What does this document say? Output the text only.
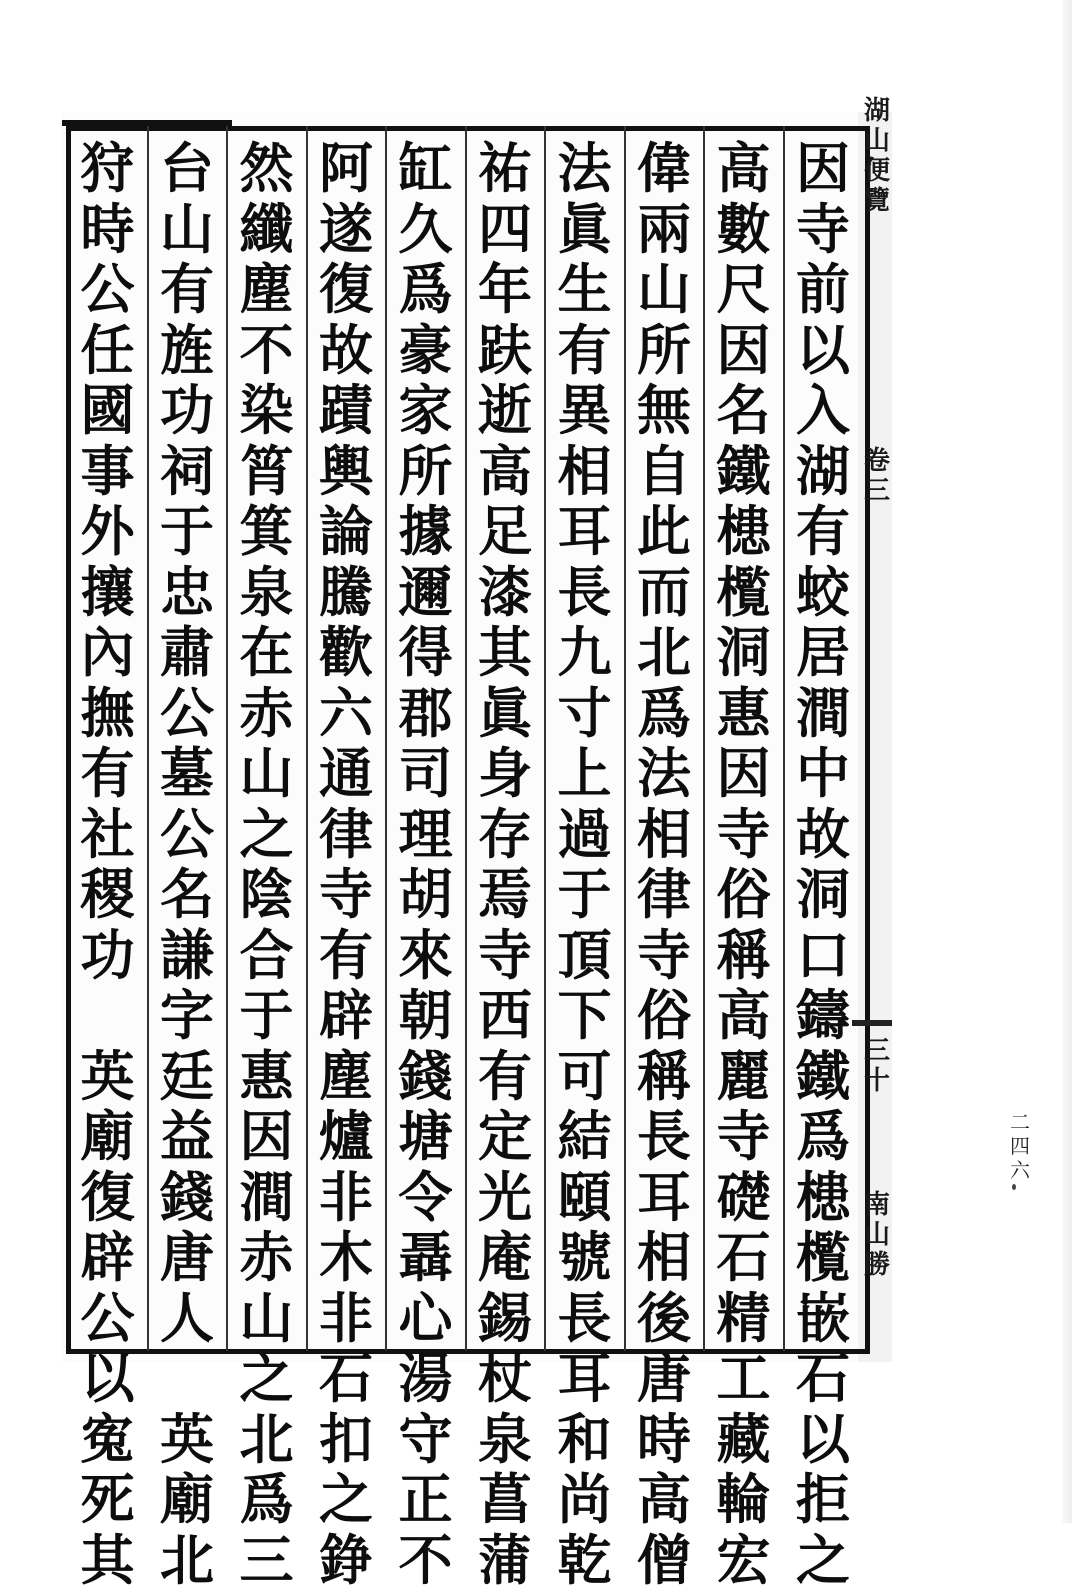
因
寺
前
以
入
湖
有
蛟
居
澗
中
故
洞
口
鑄
鐵
爲
槵
㰖
嵌
石
以
拒
之
高
數
尺
因
名
鐵
槵
㰖
洞
惠
因
寺
俗
稱
高
麗
寺
礎
石
精
工
藏
輪
宏
偉
兩
山
所
無
自
此
而
北
爲
法
相
律
寺
俗
稱
長
耳
相
後
唐
時
高
僧
法
眞
生
有
異
相
耳
長
九
寸
上
過
于
頂
下
可
結
頤
號
長
耳
和
尚
乾
祐
四
年
趺
逝
高
足
漆
其
眞
身
存
焉
寺
西
有
定
光
庵
錫
杖
泉
菖
蒲
缸
久
爲
豪
家
所
據
邇
得
郡
司
理
胡
來
朝
錢
塘
令
聶
心
湯
守
正
不
阿
遂
復
故
蹟
輿
論
騰
歡
六
通
律
寺
有
辟
塵
爐
非
木
非
石
扣
之
錚
然
纖
塵
不
染
筲
箕
泉
在
赤
山
之
陰
合
于
惠
因
澗
赤
山
之
北
爲
三
台
山
有
旌
功
祠
于
忠
肅
公
墓
公
名
謙
字
廷
益
錢
唐
人

英
廟
北
狩
時
公
任
國
事
外
攘
內
撫
有
社
稷
功

英
廟
復
辟
公
以
寃
死
其
湖
山
便
覽
卷
三
三
十
南
山
勝
二
四
六
